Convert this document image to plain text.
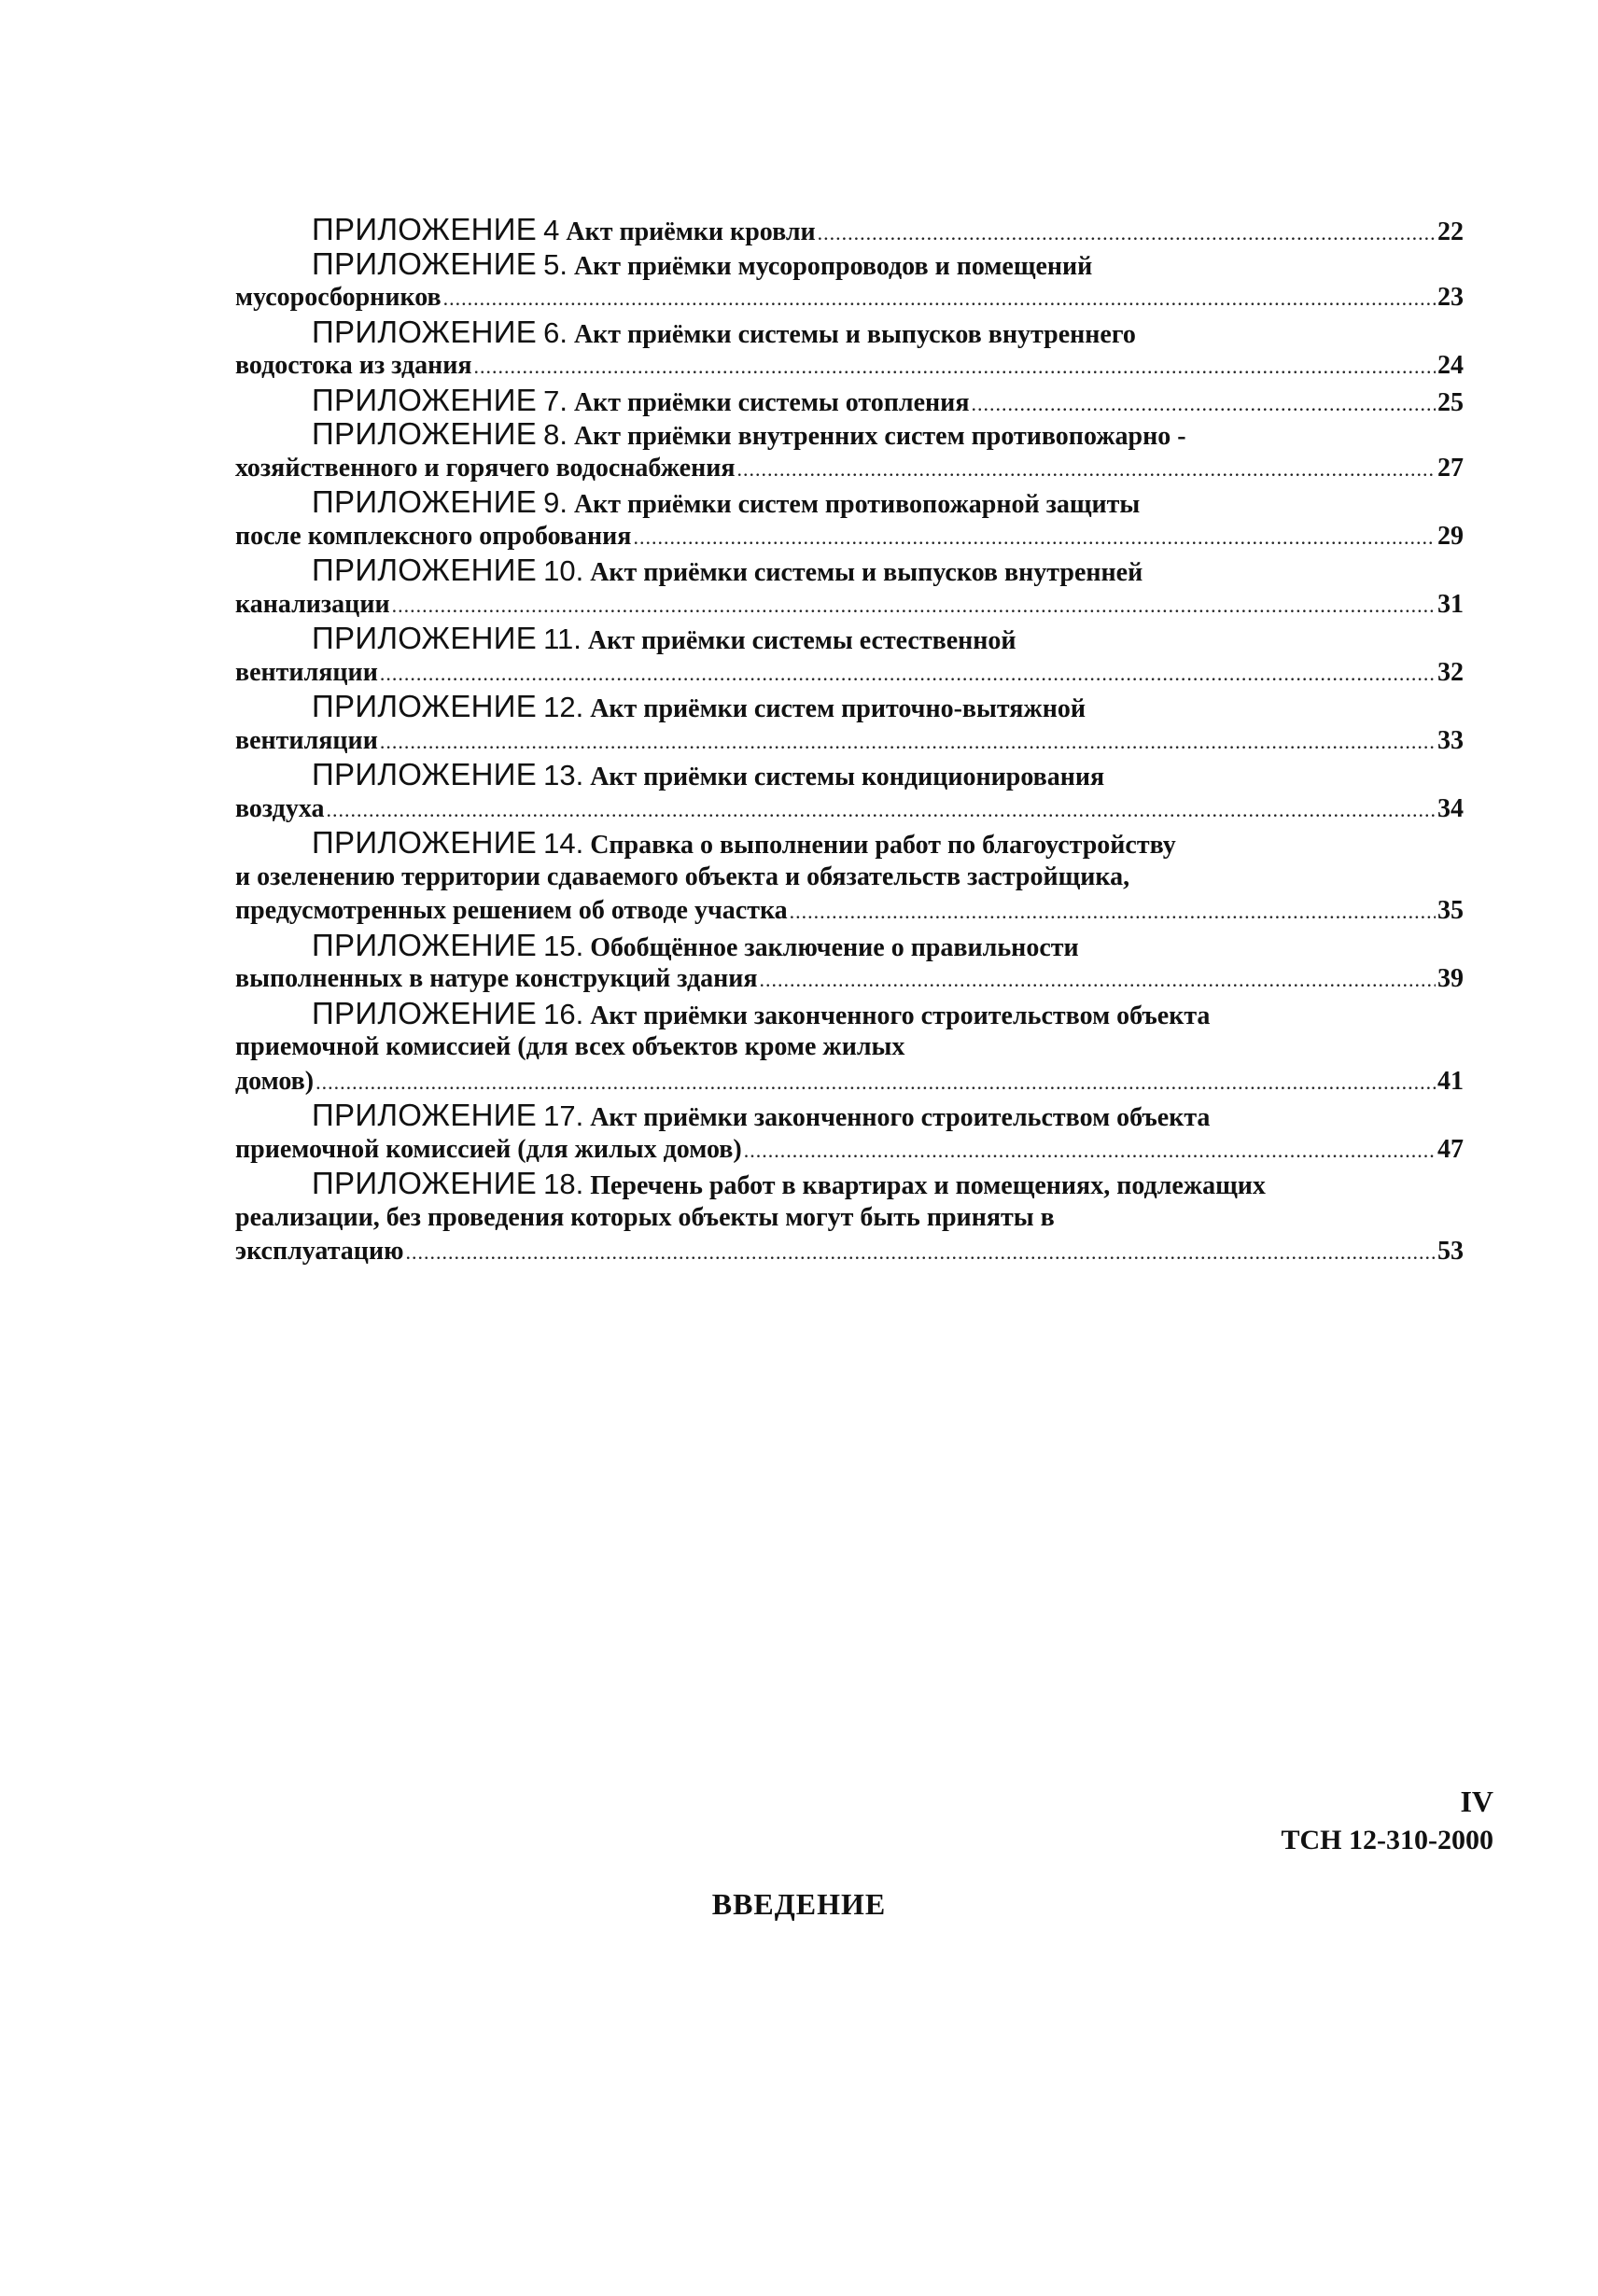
ПРИЛОЖЕНИЕ 4 Акт приёмки кровли .....	22
ПРИЛОЖЕНИЕ 5. Акт приёмки мусоропроводов и помещений
мусоросборников .....	23
ПРИЛОЖЕНИЕ 6. Акт приёмки системы и выпусков внутреннего
водостока из здания .....	24
ПРИЛОЖЕНИЕ 7. Акт приёмки системы отопления .....	25
ПРИЛОЖЕНИЕ 8. Акт приёмки внутренних систем противопожарно -
хозяйственного и горячего водоснабжения .....	27
ПРИЛОЖЕНИЕ 9. Акт приёмки систем противопожарной защиты
после комплексного опробования .....	29
ПРИЛОЖЕНИЕ 10. Акт приёмки системы и выпусков внутренней
канализации .....	31
ПРИЛОЖЕНИЕ 11. Акт приёмки системы естественной
вентиляции .....	32
ПРИЛОЖЕНИЕ 12. Акт приёмки систем приточно-вытяжной
вентиляции .....	33
ПРИЛОЖЕНИЕ 13. Акт приёмки системы кондиционирования
воздуха .....	34
ПРИЛОЖЕНИЕ 14. Справка о выполнении работ по благоустройству
и озеленению территории сдаваемого объекта и обязательств застройщика,
предусмотренных решением об отводе участка .....	35
ПРИЛОЖЕНИЕ 15. Обобщённое заключение о правильности
выполненных в натуре конструкций здания .....	39
ПРИЛОЖЕНИЕ 16. Акт приёмки законченного строительством объекта
приемочной комиссией (для всех объектов кроме жилых
домов) .....	41
ПРИЛОЖЕНИЕ 17. Акт приёмки законченного строительством объекта
приемочной комиссией (для жилых домов) .....	47
ПРИЛОЖЕНИЕ 18. Перечень работ в квартирах и помещениях, подлежащих
реализации, без проведения которых объекты могут быть приняты в
эксплуатацию .....	53
IV
ТСН 12-310-2000
ВВЕДЕНИЕ
